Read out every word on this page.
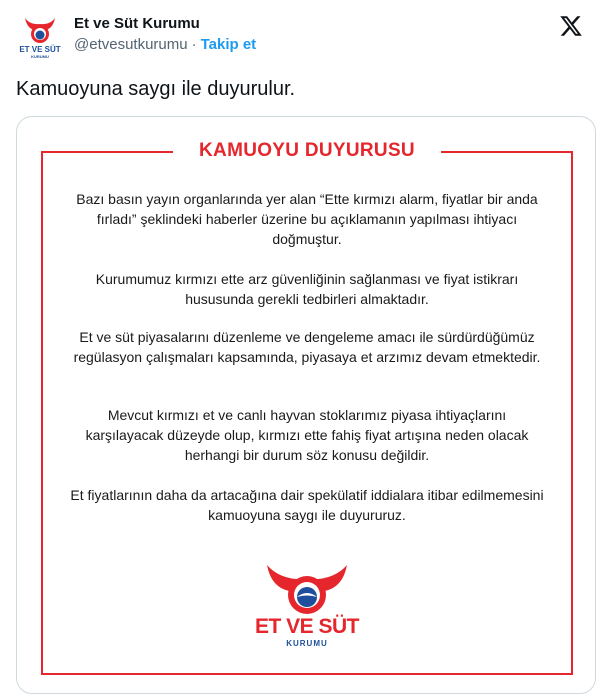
ET VE SÜT
KURUMU
Et ve Süt Kurumu
@etvesutkurumu · Takip et
Kamuoyuna saygı ile duyurulur.
KAMUOYU DUYURUSU
Bazı basın yayın organlarında yer alan “Ette kırmızı alarm, fiyatlar bir anda fırladı” şeklindeki haberler üzerine bu açıklamanın yapılması ihtiyacı doğmuştur.
Kurumumuz kırmızı ette arz güvenliğinin sağlanması ve fiyat istikrarı hususunda gerekli tedbirleri almaktadır.
Et ve süt piyasalarını düzenleme ve dengeleme amacı ile sürdürdüğümüz regülasyon çalışmaları kapsamında, piyasaya et arzımız devam etmektedir.
Mevcut kırmızı et ve canlı hayvan stoklarımız piyasa ihtiyaçlarını karşılayacak düzeyde olup, kırmızı ette fahiş fiyat artışına neden olacak herhangi bir durum söz konusu değildir.
Et fiyatlarının daha da artacağına dair spekülatif iddialara itibar edilmemesini kamuoyuna saygı ile duyururuz.
ET VE SÜT
KURUMU
